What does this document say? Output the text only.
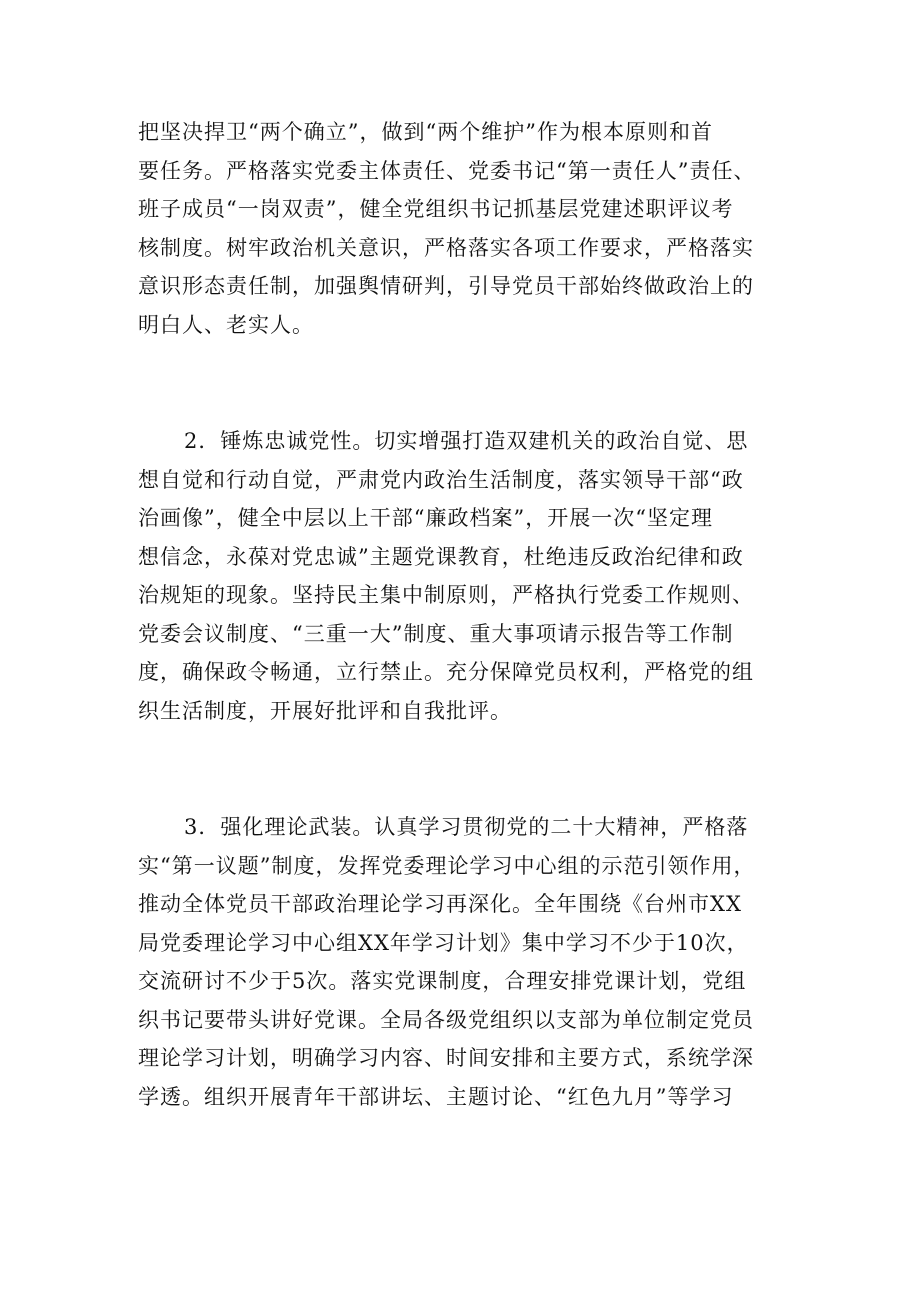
把坚决捍卫“两个确立”，做到“两个维护”作为根本原则和首
要任务。严格落实党委主体责任、党委书记“第一责任人”责任、
班子成员“一岗双责”，健全党组织书记抓基层党建述职评议考
核制度。树牢政治机关意识，严格落实各项工作要求，严格落实
意识形态责任制，加强舆情研判，引导党员干部始终做政治上的
明白人、老实人。

2．锤炼忠诚党性。切实增强打造双建机关的政治自觉、思
想自觉和行动自觉，严肃党内政治生活制度，落实领导干部“政
治画像”，健全中层以上干部“廉政档案”，开展一次“坚定理
想信念，永葆对党忠诚”主题党课教育，杜绝违反政治纪律和政
治规矩的现象。坚持民主集中制原则，严格执行党委工作规则、
党委会议制度、“三重一大”制度、重大事项请示报告等工作制
度，确保政令畅通，立行禁止。充分保障党员权利，严格党的组
织生活制度，开展好批评和自我批评。

3．强化理论武装。认真学习贯彻党的二十大精神，严格落
实“第一议题”制度，发挥党委理论学习中心组的示范引领作用，
推动全体党员干部政治理论学习再深化。全年围绕《台州市XX
局党委理论学习中心组XX年学习计划》集中学习不少于10次，
交流研讨不少于5次。落实党课制度，合理安排党课计划，党组
织书记要带头讲好党课。全局各级党组织以支部为单位制定党员
理论学习计划，明确学习内容、时间安排和主要方式，系统学深
学透。组织开展青年干部讲坛、主题讨论、“红色九月”等学习
